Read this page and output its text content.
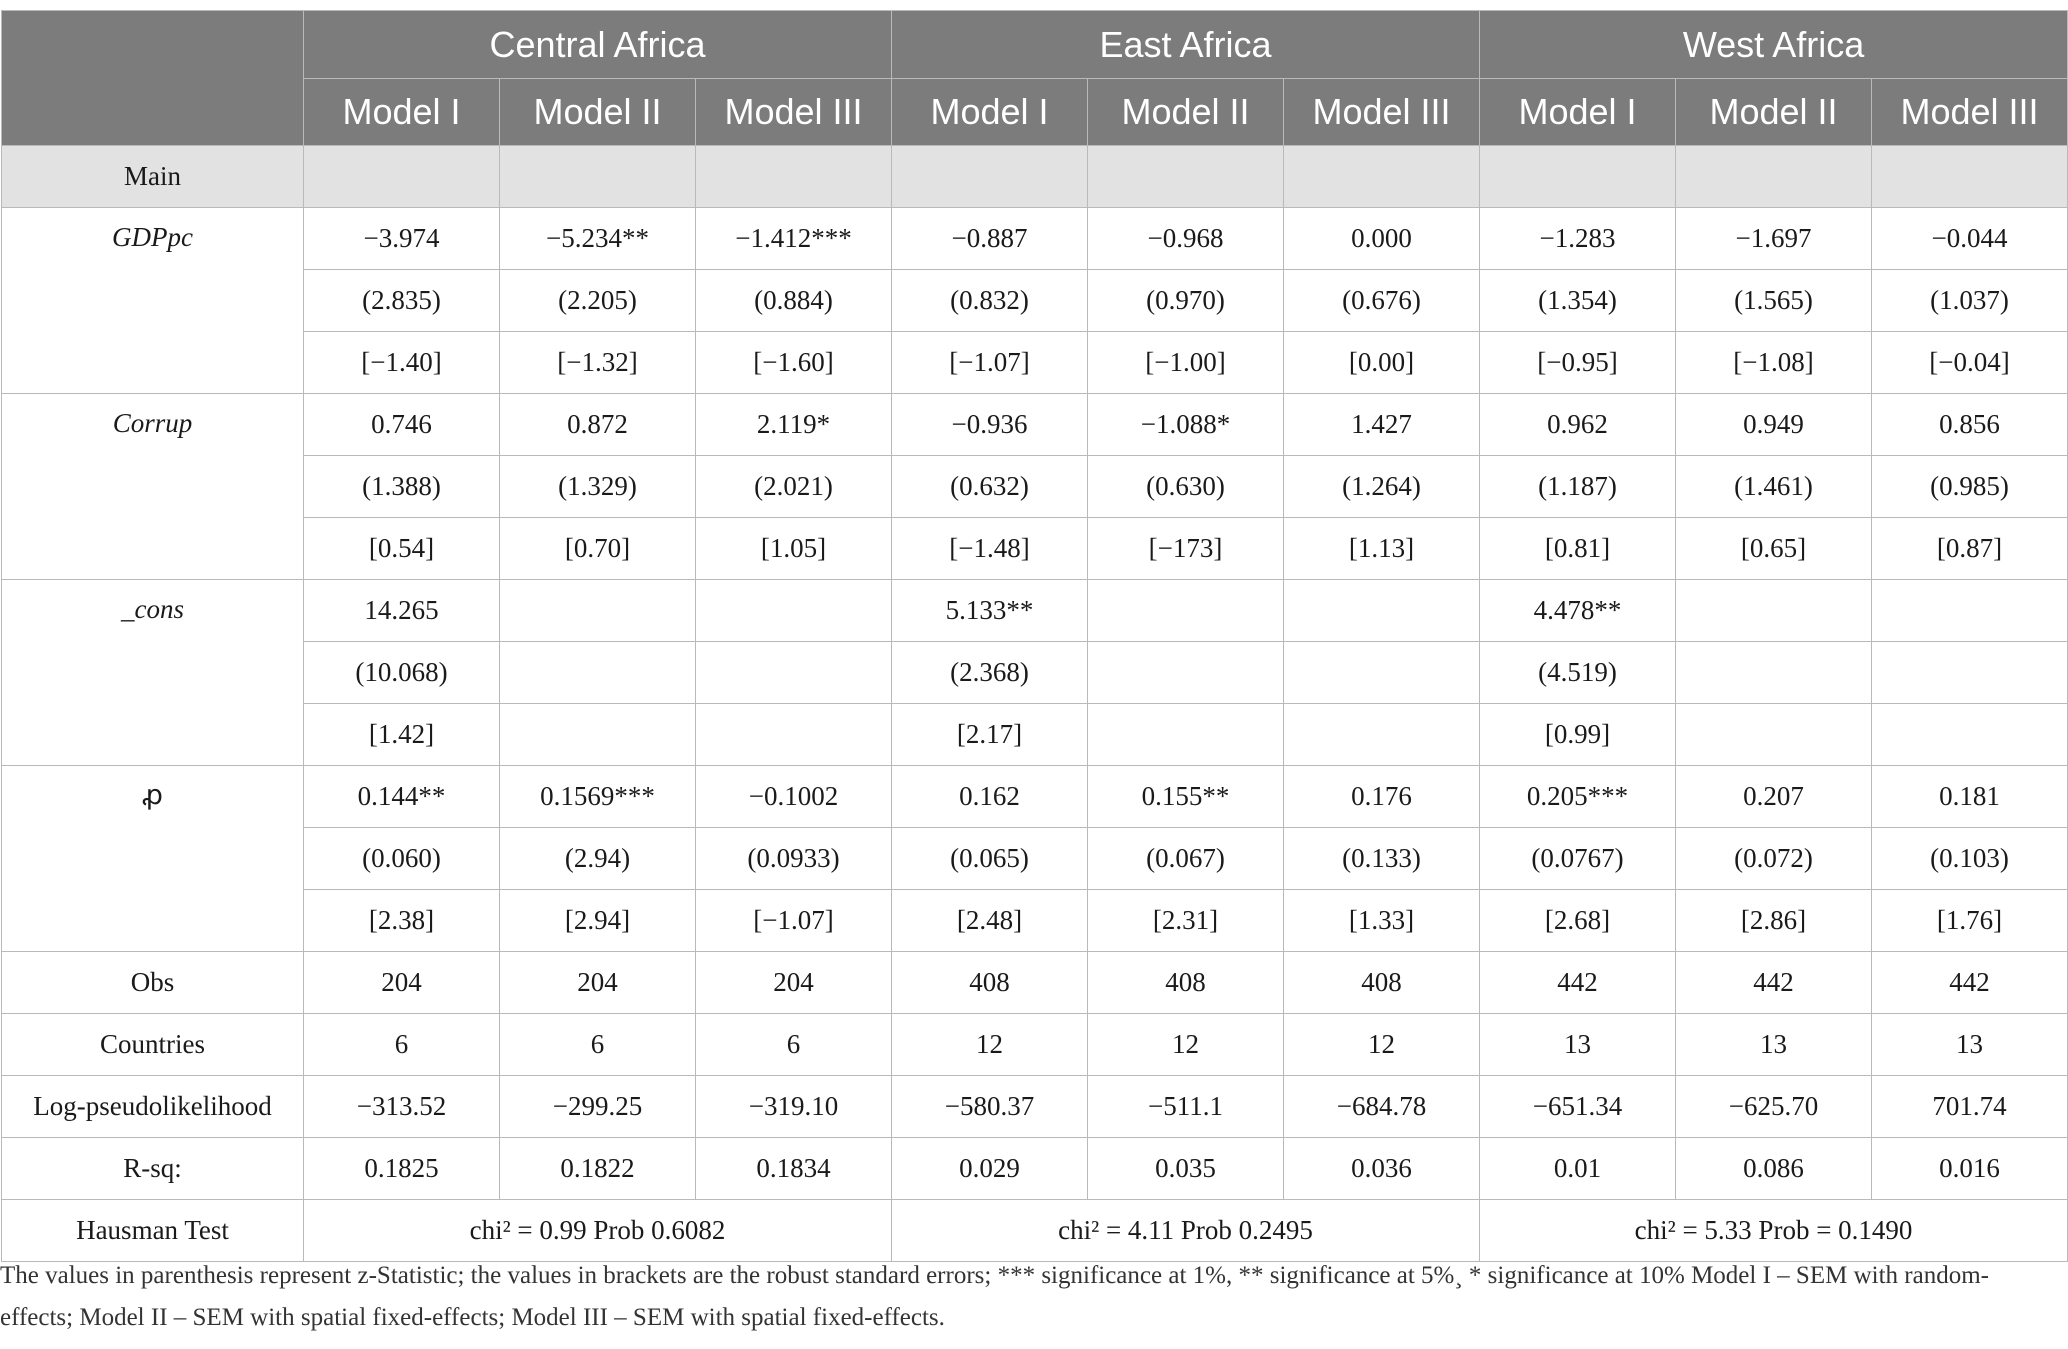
	Central Africa			East Africa			West Africa		
	Model I	Model II	Model III	Model I	Model II	Model III	Model I	Model II	Model III
Main									
GDPpc	−3.974	−5.234**	−1.412***	−0.887	−0.968	0.000	−1.283	−1.697	−0.044
	(2.835)	(2.205)	(0.884)	(0.832)	(0.970)	(0.676)	(1.354)	(1.565)	(1.037)
	[−1.40]	[−1.32]	[−1.60]	[−1.07]	[−1.00]	[0.00]	[−0.95]	[−1.08]	[−0.04]
Corrup	0.746	0.872	2.119*	−0.936	−1.088*	1.427	0.962	0.949	0.856
	(1.388)	(1.329)	(2.021)	(0.632)	(0.630)	(1.264)	(1.187)	(1.461)	(0.985)
	[0.54]	[0.70]	[1.05]	[−1.48]	[−173]	[1.13]	[0.81]	[0.65]	[0.87]
_cons	14.265			5.133**			4.478**		
	(10.068)			(2.368)			(4.519)		
	[1.42]			[2.17]			[0.99]		
ꝓ	0.144**	0.1569***	−0.1002	0.162	0.155**	0.176	0.205***	0.207	0.181
	(0.060)	(2.94)	(0.0933)	(0.065)	(0.067)	(0.133)	(0.0767)	(0.072)	(0.103)
	[2.38]	[2.94]	[−1.07]	[2.48]	[2.31]	[1.33]	[2.68]	[2.86]	[1.76]
Obs	204	204	204	408	408	408	442	442	442
Countries	6	6	6	12	12	12	13	13	13
Log-pseudolikelihood	−313.52	−299.25	−319.10	−580.37	−511.1	−684.78	−651.34	−625.70	701.74
R-sq:	0.1825	0.1822	0.1834	0.029	0.035	0.036	0.01	0.086	0.016
Hausman Test	chi² = 0.99 Prob 0.6082			chi² = 4.11 Prob 0.2495			chi² = 5.33 Prob = 0.1490		
The values in parenthesis represent z-Statistic; the values in brackets are the robust standard errors; *** significance at 1%, ** significance at 5%¸ * significance at 10% Model I – SEM with random-effects; Model II – SEM with spatial fixed-effects; Model III – SEM with spatial fixed-effects.
